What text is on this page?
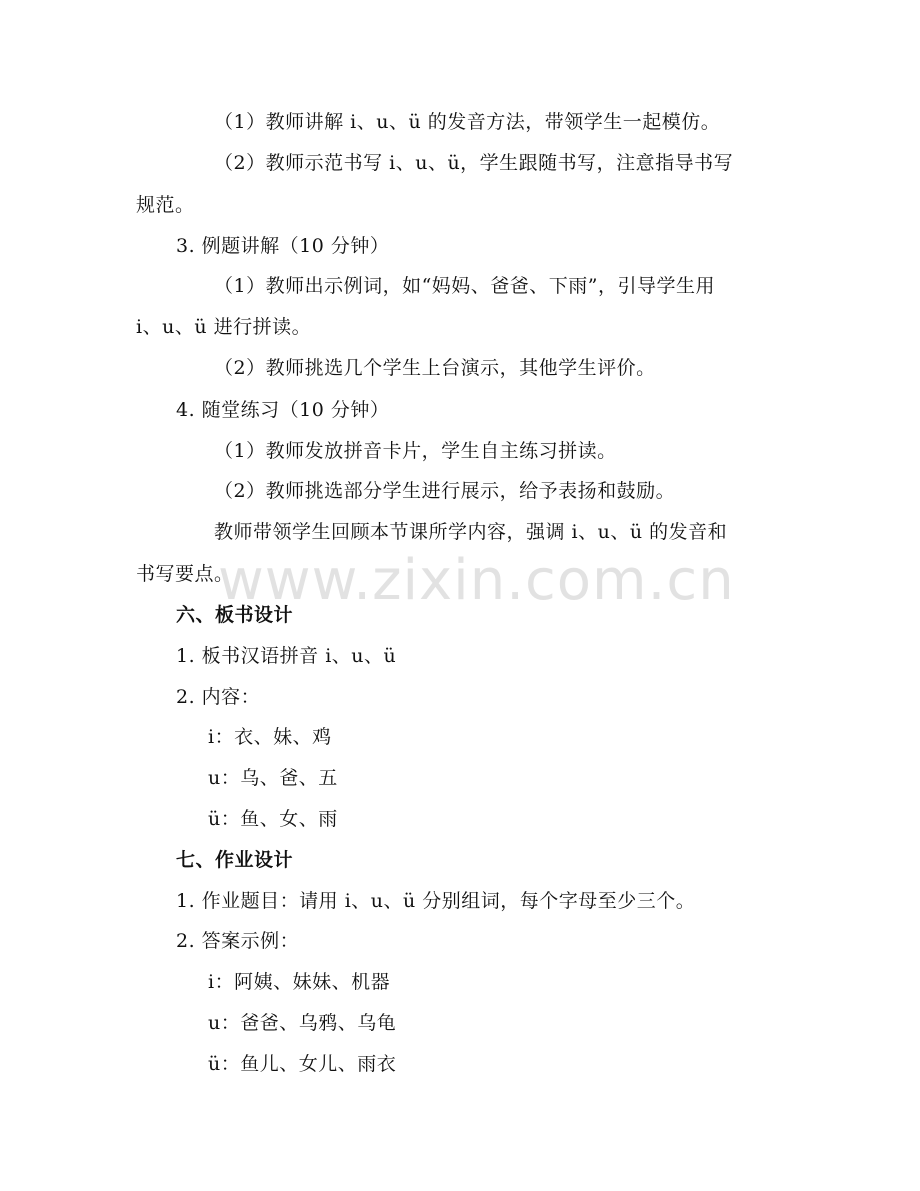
（1）教师讲解 i、u、ü 的发音方法，带领学生一起模仿。
（2）教师示范书写 i、u、ü，学生跟随书写，注意指导书写
规范。
3. 例题讲解（10 分钟）
（1）教师出示例词，如“妈妈、爸爸、下雨”，引导学生用
i、u、ü 进行拼读。
（2）教师挑选几个学生上台演示，其他学生评价。
4. 随堂练习（10 分钟）
（1）教师发放拼音卡片，学生自主练习拼读。
（2）教师挑选部分学生进行展示，给予表扬和鼓励。
教师带领学生回顾本节课所学内容，强调 i、u、ü 的发音和
书写要点。
六、板书设计
1. 板书汉语拼音 i、u、ü
2. 内容：
i：衣、妹、鸡
u：乌、爸、五
ü：鱼、女、雨
七、作业设计
1. 作业题目：请用 i、u、ü 分别组词，每个字母至少三个。
2. 答案示例：
i：阿姨、妹妹、机器
u：爸爸、乌鸦、乌龟
ü：鱼儿、女儿、雨衣
www.zixin.com.cn
